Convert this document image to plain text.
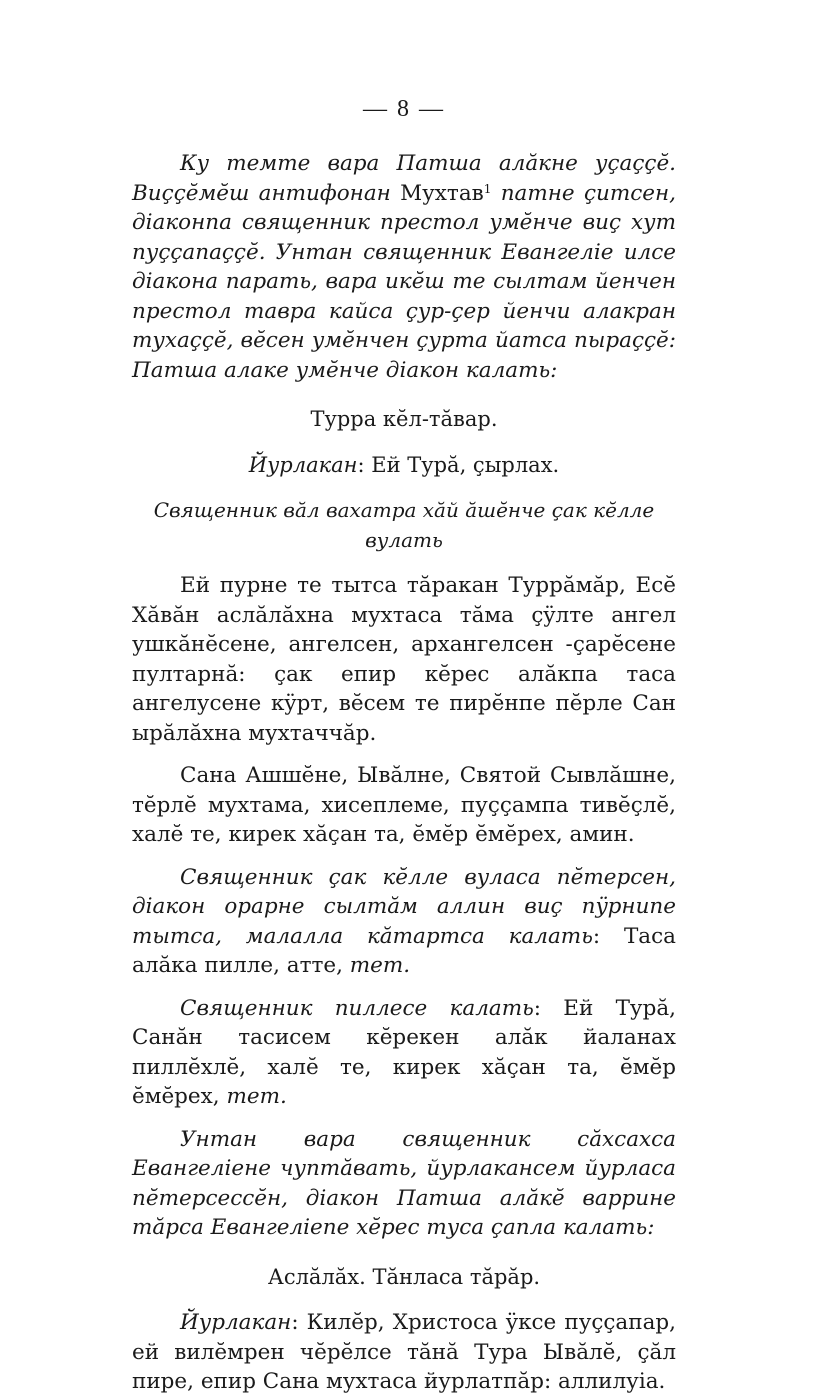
— 8 —

Ку темте вара Патша алăкне уçаççĕ. Виççĕмĕш антифонан Мухтав$^1$ патне çитсен, діаконпа священник престол умĕнче виç хут пуççапаççĕ. Унтан священник Евангеліе илсе діакона парать, вара икĕш те сылтам йенчен престол тавра кайса çур-çер йенчи алакран тухаççĕ, вĕсен умĕнчен çурта йатса пыраççĕ: Патша алаке умĕнче діакон калать:

Турра кĕл-тăвар.

Йурлакан: Ей Турă, çырлах.

Священник вăл вахатра хăй ăшĕнче çак кĕлле вулать

Ей пурне те тытса тăракан Туррăмăр, Есĕ Хăвăн аслăлăхна мухтаса тăма çÿлте ангел ушкăнĕсене, ангелсен, архангелсен ‑çарĕсене пултарнă: çак епир кĕрес алăкпа таса ангелусене кÿрт, вĕсем те пирĕнпе пĕрле Сан ырăлăхна мухтаччăр.

Сана Ашшĕне, Ывăлне, Святой Сывлăшне, тĕрлĕ мухтама, хисеплеме, пуççампа тивĕçлĕ, халĕ те, кирек хăçан та, ĕмĕр ĕмĕрех, амин.

Священник çак кĕлле вуласа пĕтерсен, діакон орарне сылтăм аллин виç пÿрнипе тытса, малалла кăтартса калать: Таса алăка пилле, атте, тет.

Священник пиллесе калать: Ей Турă, Санăн тасисем кĕрекен алăк йаланах пиллĕхлĕ, халĕ те, кирек хăçан та, ĕмĕр ĕмĕрех, тет.

Унтан вара священник сăхсахса Евангеліене чуптăвать, йурлакансем йурласа пĕтерсессĕн, діакон Патша алăкĕ варрине тăрса Евангеліепе хĕрес туса çапла калать:

Аслăлăх. Тăнласа тăрăр.

Йурлакан: Килĕр, Христоса ÿксе пуççапар, ей вилĕмрен чĕрĕлсе тăнă Тура Ывăлĕ, çăл пире, епир Сана мухтаса йурлатпăр: аллилуіа.
